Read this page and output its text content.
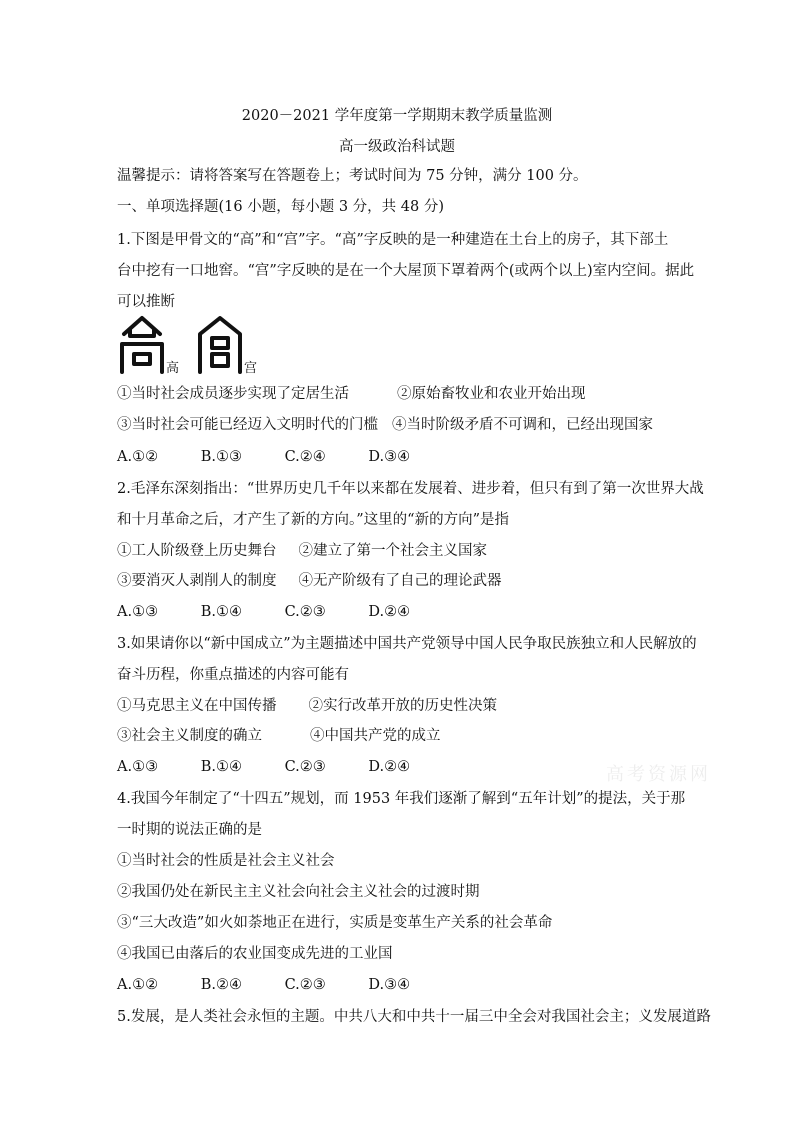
2020－2021 学年度第一学期期末教学质量监测
高一级政治科试题
温馨提示：请将答案写在答题卷上；考试时间为 75 分钟，满分 100 分。
一、单项选择题(16 小题，每小题 3 分，共 48 分)
1.下图是甲骨文的“高”和“宫”字。“高”字反映的是一种建造在土台上的房子，其下部土
台中挖有一口地窖。“宫”字反映的是在一个大屋顶下罩着两个(或两个以上)室内空间。据此
可以推断
高	宫
①当时社会成员逐步实现了定居生活	②原始畜牧业和农业开始出现
③当时社会可能已经迈入文明时代的门槛 ④当时阶级矛盾不可调和，已经出现国家
A.①②	B.①③	C.②④	D.③④
2.毛泽东深刻指出：“世界历史几千年以来都在发展着、进步着，但只有到了第一次世界大战
和十月革命之后，才产生了新的方向。”这里的“新的方向”是指
①工人阶级登上历史舞台 ②建立了第一个社会主义国家
③要消灭人剥削人的制度 ④无产阶级有了自己的理论武器
A.①③	B.①④	C.②③	D.②④
3.如果请你以“新中国成立”为主题描述中国共产党领导中国人民争取民族独立和人民解放的
奋斗历程，你重点描述的内容可能有
①马克思主义在中国传播 ②实行改革开放的历史性决策
③社会主义制度的确立	④中国共产党的成立
A.①③	B.①④	C.②③	D.②④	高考资源网
4.我国今年制定了“十四五”规划，而 1953 年我们逐渐了解到“五年计划”的提法，关于那
一时期的说法正确的是
①当时社会的性质是社会主义社会
②我国仍处在新民主主义社会向社会主义社会的过渡时期
③“三大改造”如火如荼地正在进行，实质是变革生产关系的社会革命
④我国已由落后的农业国变成先进的工业国
A.①②	B.②④	C.②③	D.③④
5.发展，是人类社会永恒的主题。中共八大和中共十一届三中全会对我国社会主；义发展道路
